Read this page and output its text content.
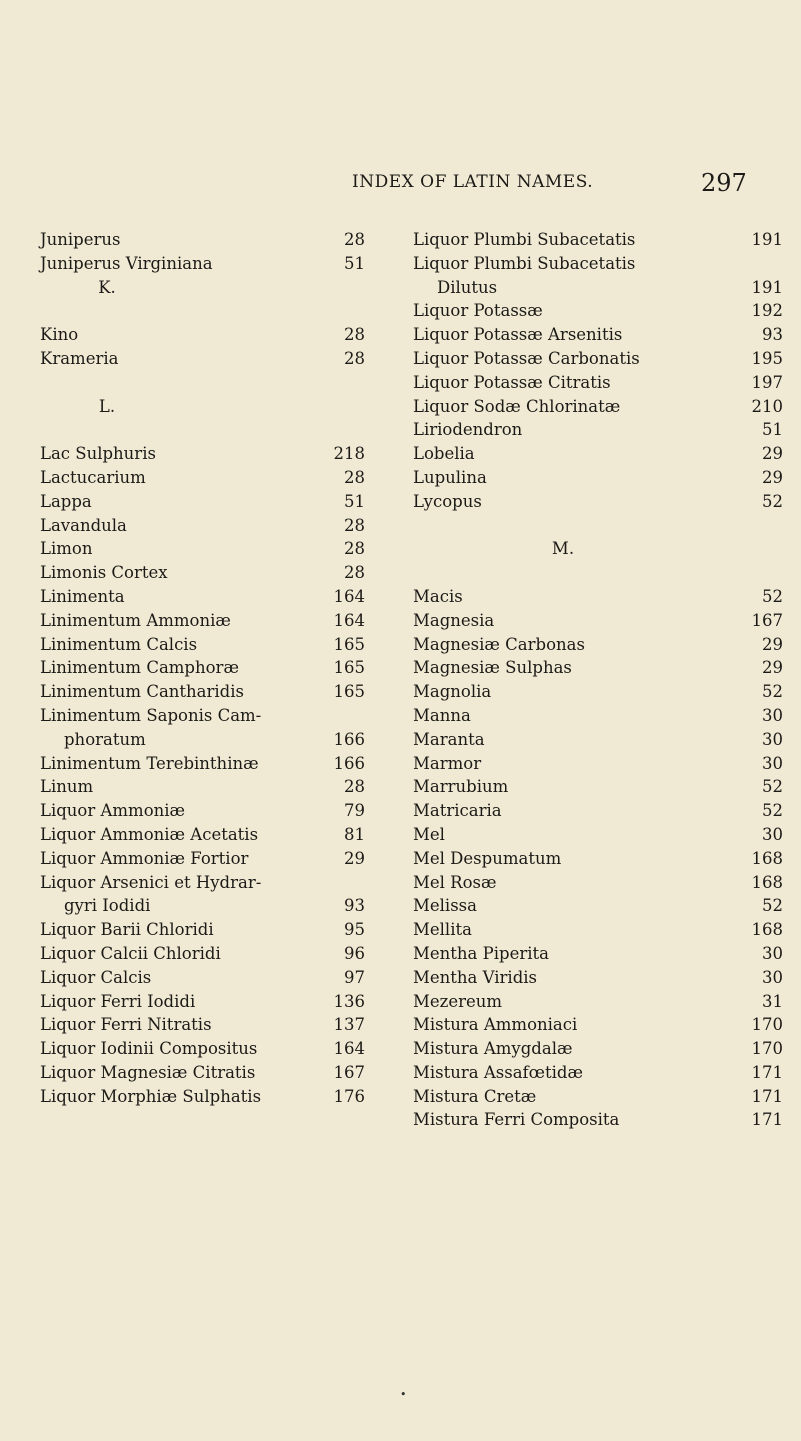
INDEX OF LATIN NAMES.	297
Juniperus	28
Juniperus Virginiana	51
K.
Kino	28
Krameria	28
L.
Lac Sulphuris	218
Lactucarium	28
Lappa	51
Lavandula	28
Limon	28
Limonis Cortex	28
Linimenta	164
Linimentum Ammoniæ	164
Linimentum Calcis	165
Linimentum Camphoræ	165
Linimentum Cantharidis	165
Linimentum Saponis Cam-
phoratum	166
Linimentum Terebinthinæ	166
Linum	28
Liquor Ammoniæ	79
Liquor Ammoniæ Acetatis	81
Liquor Ammoniæ Fortior	29
Liquor Arsenici et Hydrar-
gyri Iodidi	93
Liquor Barii Chloridi	95
Liquor Calcii Chloridi	96
Liquor Calcis	97
Liquor Ferri Iodidi	136
Liquor Ferri Nitratis	137
Liquor Iodinii Compositus	164
Liquor Magnesiæ Citratis	167
Liquor Morphiæ Sulphatis	176
Liquor Plumbi Subacetatis	191
Liquor Plumbi Subacetatis
Dilutus	191
Liquor Potassæ	192
Liquor Potassæ Arsenitis	93
Liquor Potassæ Carbonatis	195
Liquor Potassæ Citratis	197
Liquor Sodæ Chlorinatæ	210
Liriodendron	51
Lobelia	29
Lupulina	29
Lycopus	52
M.
Macis	52
Magnesia	167
Magnesiæ Carbonas	29
Magnesiæ Sulphas	29
Magnolia	52
Manna	30
Maranta	30
Marmor	30
Marrubium	52
Matricaria	52
Mel	30
Mel Despumatum	168
Mel Rosæ	168
Melissa	52
Mellita	168
Mentha Piperita	30
Mentha Viridis	30
Mezereum	31
Mistura Ammoniaci	170
Mistura Amygdalæ	170
Mistura Assafœtidæ	171
Mistura Cretæ	171
Mistura Ferri Composita	171
•
